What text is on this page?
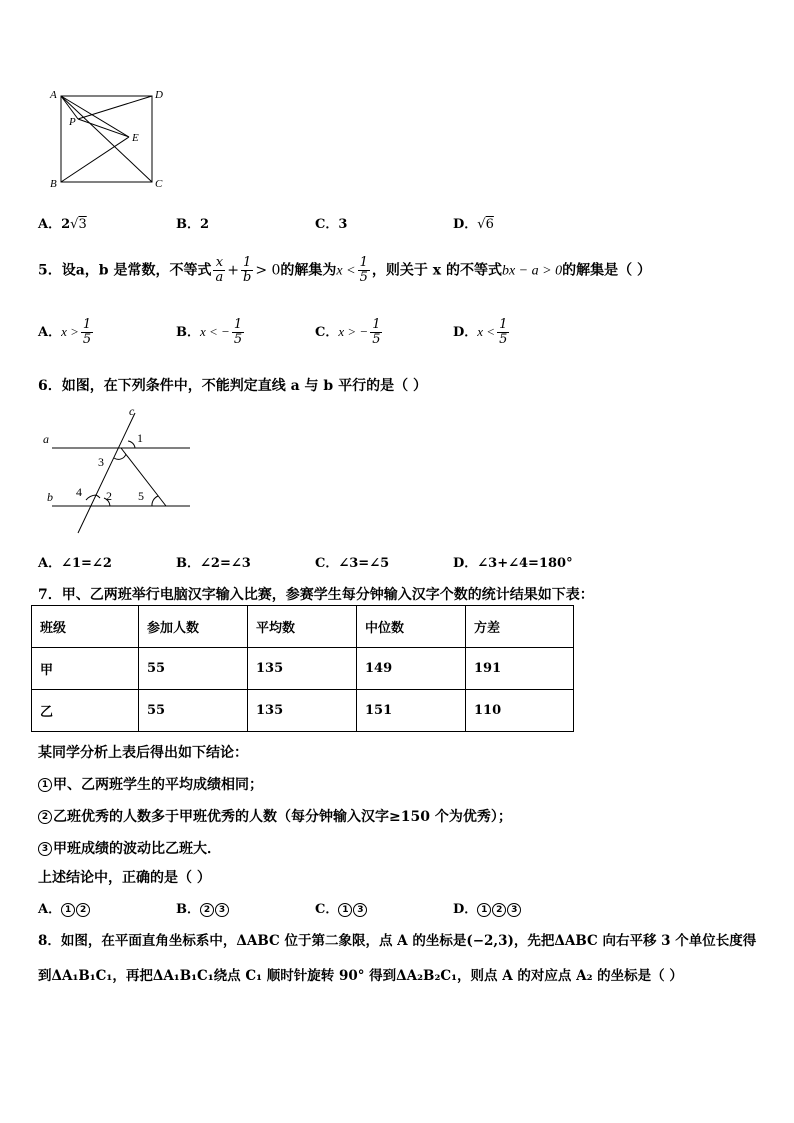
A	D
P
E
B	C
A．2√3	B．2	C．3	D．√6
5．设a，b 是常数，不等式 $\frac{x}{a} + \frac{1}{b} > 0$的解集为$x < \frac{1}{5}$ ，则关于 x 的不等式bx − a > 0的解集是（ ）
A．$x > \frac{1}{5}$	B．x < − $\frac{1}{5}$	C．x > − $\frac{1}{5}$	D．$x < \frac{1}{5}$
6．如图，在下列条件中，不能判定直线 a 与 b 平行的是（ ）
c
a
b
1
3
4 2 5
A．∠1=∠2	B．∠2=∠3	C．∠3=∠5	D．∠3+∠4=180°
7．甲、乙两班举行电脑汉字输入比赛，参赛学生每分钟输入汉字个数的统计结果如下表：
班级	参加人数	平均数	中位数	方差
甲	55	135	149	191
乙	55	135	151	110
某同学分析上表后得出如下结论：
1 甲、乙两班学生的平均成绩相同；
2 乙班优秀的人数多于甲班优秀的人数（每分钟输入汉字≥150 个为优秀）；
3 甲班成绩的波动比乙班大．
上述结论中，正确的是（ ）
A． 1 2	B． 2 3	C． 1 3	D． 1 2 3
8．如图，在平面直角坐标系中，ΔABC 位于第二象限，点 A 的坐标是(−2,3)，先把ΔABC 向右平移 3 个单位长度得
到ΔA₁B₁C₁，再把ΔA₁B₁C₁绕点 C₁ 顺时针旋转 90° 得到ΔA₂B₂C₁，则点 A 的对应点 A₂ 的坐标是（ ）
